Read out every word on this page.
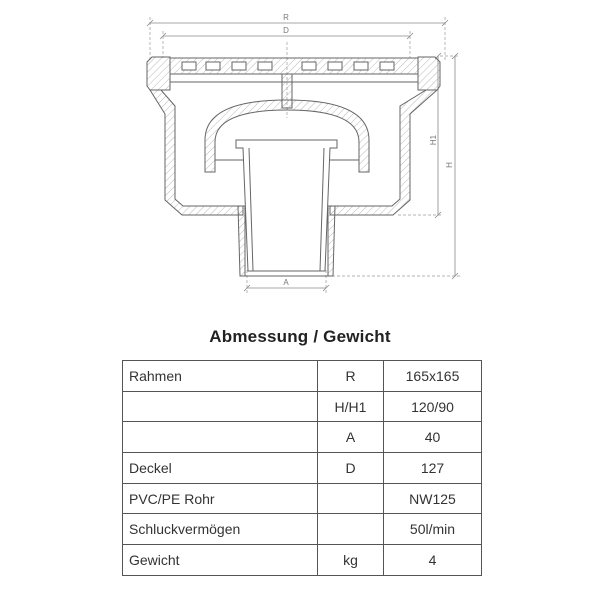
R
D
H1
H
A
Abmessung / Gewicht
Rahmen	R	165x165
	H/H1	120/90
	A	40
Deckel	D	127
PVC/PE Rohr		NW125
Schluckvermögen		50l/min
Gewicht	kg	4
